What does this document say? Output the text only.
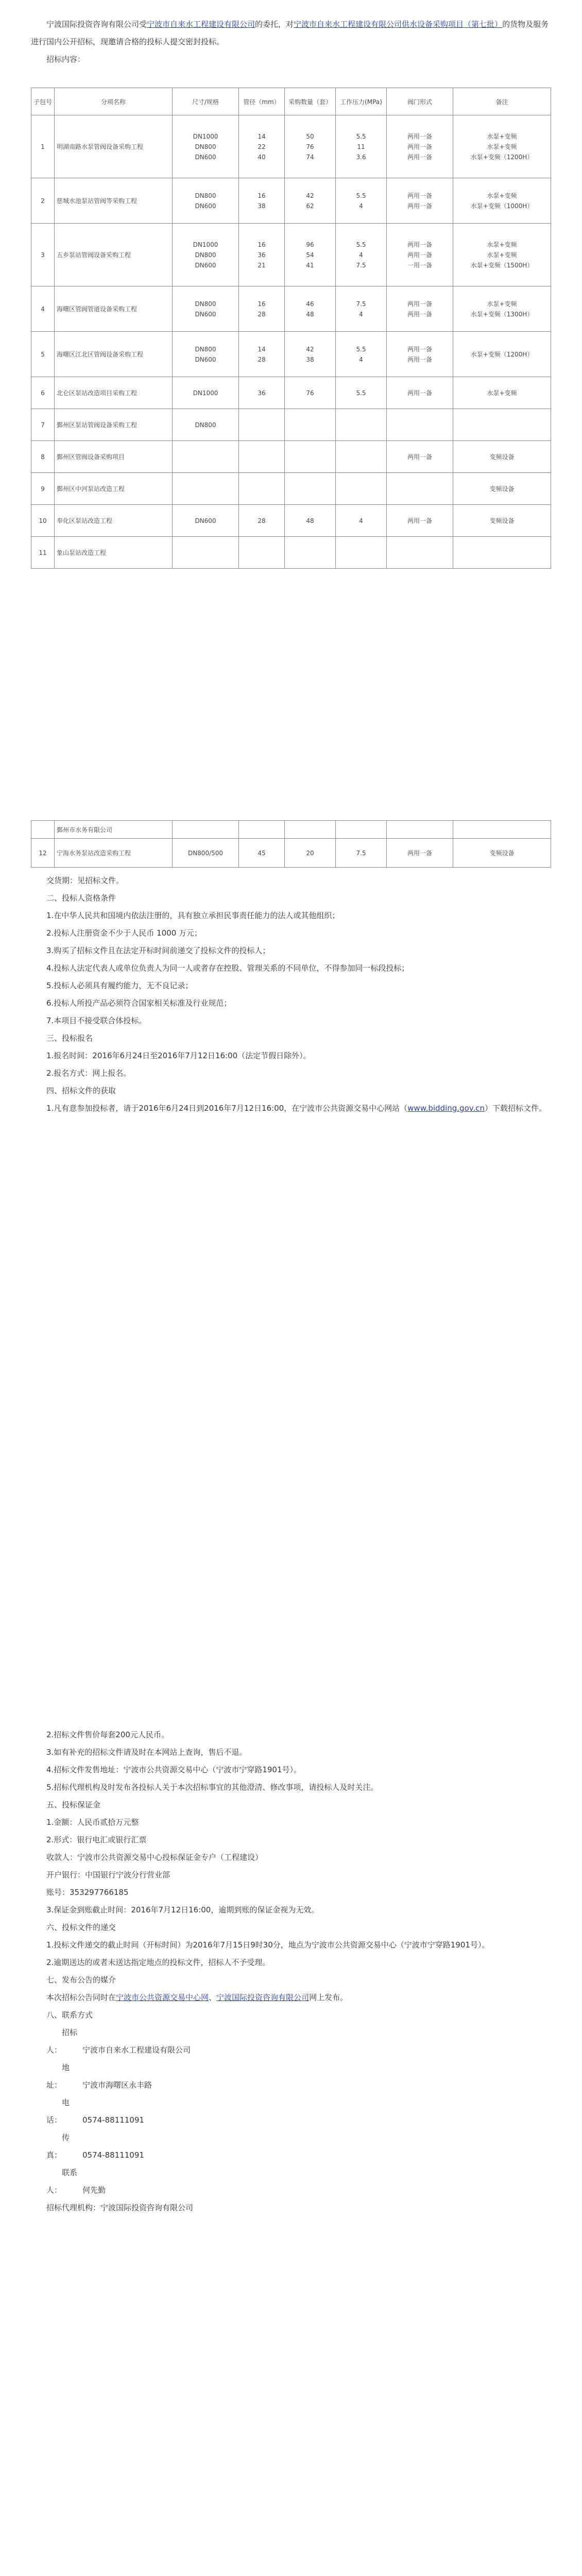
宁波国际投资咨询有限公司受宁波市自来水工程建设有限公司的委托，对宁波市自来水工程建设有限公司供水设备采购项目（第七批）的货物及服务进行国内公开招标，现邀请合格的投标人提交密封投标。

招标内容：

子包号	分项名称	尺寸/规格	管径（mm）	采购数量（套）	工作压力(MPa)	阀门形式	备注

1	明湖南路水泵管阀设备采购工程	DN1000
DN800
DN600	14
22
40	50
76
74	5.5
11
3.6	两用一备
两用一备
两用一备	水泵+变频
水泵+变频
水泵+变频（1200H）

2	慈城水池泵站管阀等采购工程	DN800
DN600	16
38	42
62	5.5
4	两用一备
两用一备	水泵+变频
水泵+变频（1000H）

3	五乡泵站管阀设备采购工程	DN1000
DN800
DN600	16
36
21	96
54
41	5.5
4
7.5	两用一备
两用一备
一用一备	水泵+变频
水泵+变频
水泵+变频（1500H）

4	海曙区管阀管道设备采购工程	DN800
DN600	16
28	46
48	7.5
4	两用一备
两用一备	水泵+变频
水泵+变频（1300H）

5	海曙区江北区管阀设备采购工程	DN800
DN600	14
28	42
38	5.5
4	两用一备
两用一备	水泵+变频（1200H）

6	北仑区泵站改造项目采购工程	DN1000	36	76	5.5	两用一备	水泵+变频

7	鄞州区泵站管阀设备采购工程	DN800					

8	鄞州区管阀设备采购项目					两用一备	变频设备

9	鄞州区中河泵站改造工程						变频设备

10	奉化区泵站改造工程	DN600	28	48	4	两用一备	变频设备

11	象山泵站改造工程						

	鄞州市水务有限公司						
12	宁海水务泵站改造采购工程	DN800/500	45	20	7.5	两用一备	变频设备

交货期：见招标文件。

二、投标人资格条件

1.在中华人民共和国境内依法注册的，具有独立承担民事责任能力的法人或其他组织；

2.投标人注册资金不少于人民币 1000 万元；

3.购买了招标文件且在法定开标时间前递交了投标文件的投标人；

4.投标人法定代表人或单位负责人为同一人或者存在控股、管理关系的不同单位，不得参加同一标段投标；

5.投标人必须具有履约能力，无不良记录；

6.投标人所投产品必须符合国家相关标准及行业规范；

7.本项目不接受联合体投标。

三、投标报名

1.报名时间：2016年6月24日至2016年7月12日16:00（法定节假日除外）。

2.报名方式：网上报名。

四、招标文件的获取

1.凡有意参加投标者，请于2016年6月24日到2016年7月12日16:00，在宁波市公共资源交易中心网站（www.bidding.gov.cn）下载招标文件。

2.招标文件售价每套200元人民币。

3.如有补充的招标文件请及时在本网站上查询，售后不退。

4.招标文件发售地址：宁波市公共资源交易中心（宁波市宁穿路1901号）。

5.招标代理机构及时发布各投标人关于本次招标事宜的其他澄清、修改事项，请投标人及时关注。

五、投标保证金

1.金额：人民币贰拾万元整

2.形式：银行电汇或银行汇票

收款人：宁波市公共资源交易中心投标保证金专户（工程建设）

开户银行：中国银行宁波分行营业部

账号：353297766185

3.保证金到账截止时间：2016年7月12日16:00，逾期到账的保证金视为无效。

六、投标文件的递交

1.投标文件递交的截止时间（开标时间）为2016年7月15日9时30分，地点为宁波市公共资源交易中心（宁波市宁穿路1901号）。

2.逾期送达的或者未送达指定地点的投标文件，招标人不予受理。

七、发布公告的媒介

本次招标公告同时在宁波市公共资源交易中心网、宁波国际投资咨询有限公司网上发布。

八、联系方式

招标人：	宁波市自来水工程建设有限公司

地址：	宁波市海曙区永丰路

电话：	0574-88111091

传真：	0574-88111091

联系人：	何先勤

招标代理机构：宁波国际投资咨询有限公司
